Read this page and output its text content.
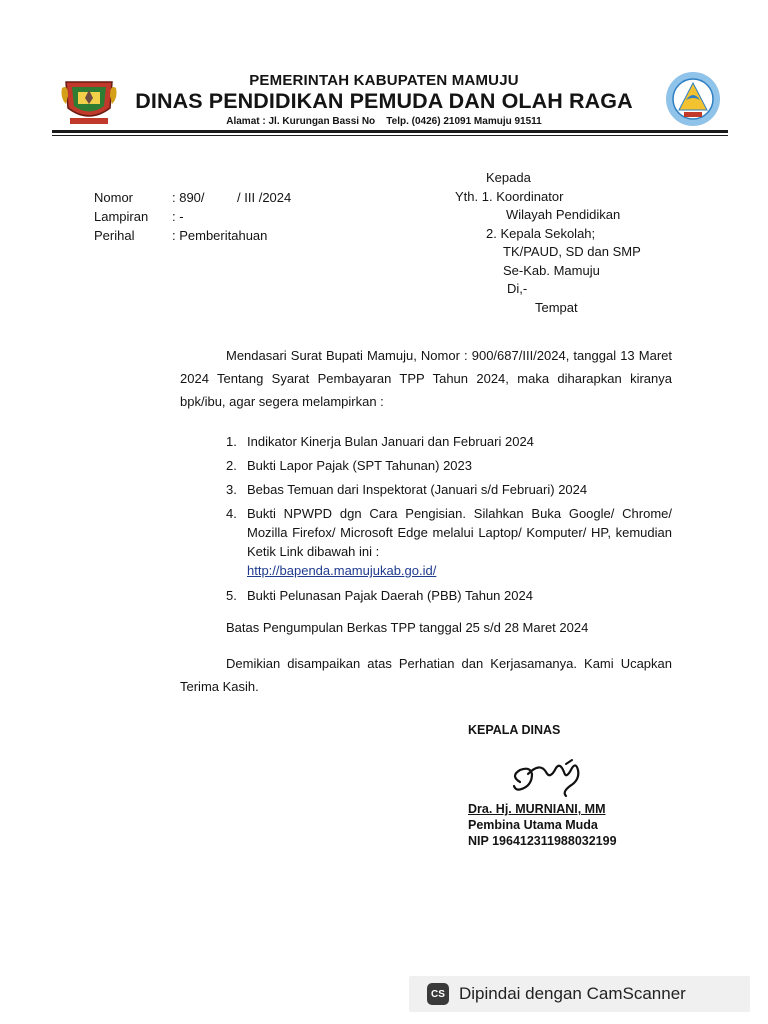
PEMERINTAH KABUPATEN MAMUJU
DINAS PENDIDIKAN PEMUDA DAN OLAH RAGA
Alamat : Jl. Kurungan Bassi No    Telp. (0426) 21091 Mamuju 91511
Nomor	: 890/         / III /2024
Lampiran : -
Perihal	: Pemberitahuan
Kepada
Yth. 1. Koordinator
Wilayah Pendidikan
2. Kepala Sekolah;
TK/PAUD, SD dan SMP
Se-Kab. Mamuju
Di,-
Tempat

Mendasari Surat Bupati Mamuju, Nomor : 900/687/III/2024, tanggal 13 Maret 2024 Tentang Syarat Pembayaran TPP Tahun 2024, maka diharapkan kiranya bpk/ibu, agar segera melampirkan :

1. Indikator Kinerja Bulan Januari dan Februari 2024
2. Bukti Lapor Pajak (SPT Tahunan) 2023
3. Bebas Temuan dari Inspektorat (Januari s/d Februari) 2024
4. Bukti NPWPD dgn Cara Pengisian. Silahkan Buka Google/ Chrome/ Mozilla Firefox/ Microsoft Edge melalui Laptop/ Komputer/ HP, kemudian Ketik Link dibawah ini :
http://bapenda.mamujukab.go.id/
5. Bukti Pelunasan Pajak Daerah (PBB) Tahun 2024
Batas Pengumpulan Berkas TPP tanggal 25 s/d 28 Maret 2024

Demikian disampaikan atas Perhatian dan Kerjasamanya. Kami Ucapkan Terima Kasih.

KEPALA DINAS
Dra. Hj. MURNIANI, MM
Pembina Utama Muda
NIP 196412311988032199
CS Dipindai dengan CamScanner
